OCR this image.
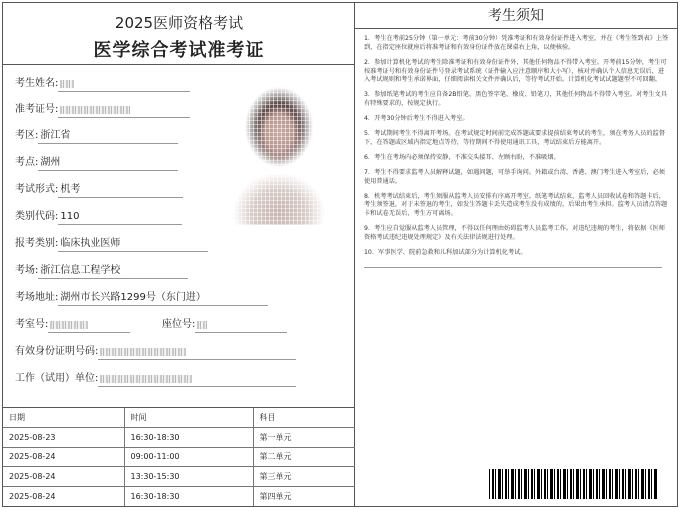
2025医师资格考试
医学综合考试准考证
考生姓名:
准考证号:
考区: 浙江省
考点: 湖州
考试形式: 机考
类别代码: 110
报考类别: 临床执业医师
考场: 浙江信息工程学校
考场地址: 湖州市长兴路1299号（东门进）
考室号:	座位号:
有效身份证明号码:
工作（试用）单位:
日期	时间	科目
2025-08-23	16:30-18:30	第一单元
2025-08-24	09:00-11:00	第二单元
2025-08-24	13:30-15:30	第三单元
2025-08-24	16:30-18:30	第四单元
考生须知
1．考生在考前25分钟（第一单元：考前30分钟）凭准考证和有效身份证件进入考室，并在《考生签到表》上签到，在指定座位就座后将准考证和有效身份证件放在课桌右上角，以便核验。
2．参加计算机化考试的考生除准考证和有效身份证件外，其他任何物品不得带入考室。开考前15分钟，考生可按准考证号和有效身份证件号登录考试系统（证件输入应注意顺序和大小写），核对并确认个人信息无误后，进入考试规则和考生承诺界面，仔细阅读相关文件并确认后，等待考试开始。计算机化考试试题题型不可回翻。
3．参加纸笔考试的考生应自备2B铅笔、黑色签字笔、橡皮、铅笔刀，其他任何物品不得带入考室。对考生文具有特殊要求的，按规定执行。
4．开考30分钟后考生不得进入考室。
5．考试期间考生不得离开考场。在考试规定时间前完成答题或要求提前结束考试的考生，须在考务人员的监督下，在答题或区域内指定地点等待，等待期间不得使用通讯工具，考试结束后方能离开。
6．考生在考场内必须保持安静，不准交头接耳、左顾右盼，不准吸烟。
7．考生不得要求监考人员解释试题，如遇问题，可举手询问。外籍或台湾、香港、澳门考生进入考室后，必须使用普通话。
8．机考考试结束后，考生须服从监考人员安排有序离开考室。纸笔考试结束，监考人员回收试卷和答题卡后，考生须签退，对于未签退的考生，如发生答题卡丢失造成考生没有成绩的，后果由考生承担。监考人员清点答题卡和试卷无误后，考生方可离场。
9．考生应自觉服从监考人员管理，不得以任何理由妨碍监考人员监考工作。对违纪违规的考生，将依据《医师资格考试违纪违规处理规定》及有关法律法规进行处理。
10．军事医学、院前急救和儿科加试部分为计算机化考试。
